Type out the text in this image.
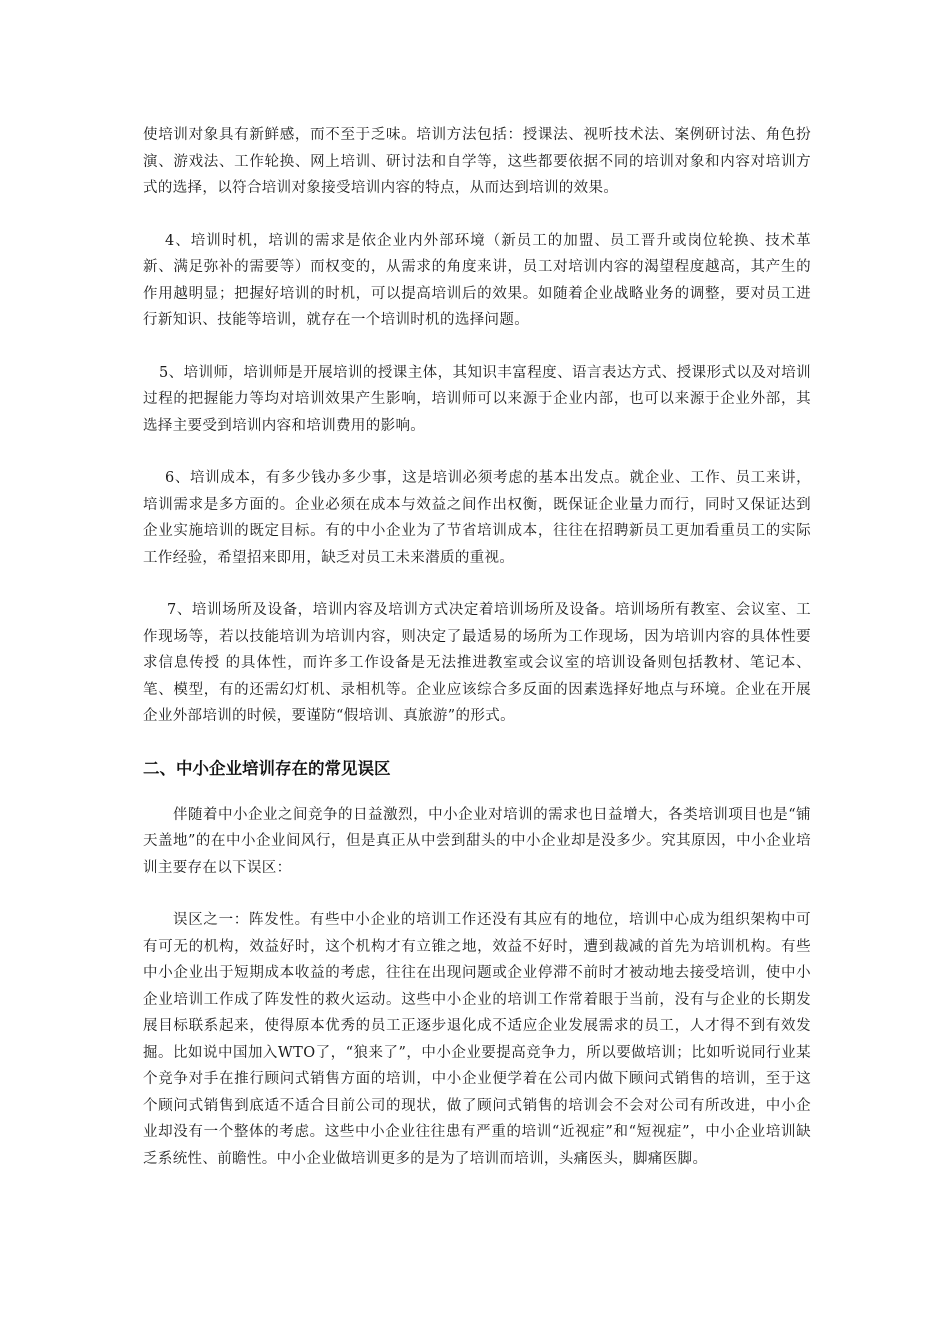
使培训对象具有新鲜感，而不至于乏味。培训方法包括：授课法、视听技术法、案例研讨法、角色扮演、游戏法、工作轮换、网上培训、研讨法和自学等，这些都要依据不同的培训对象和内容对培训方式的选择，以符合培训对象接受培训内容的特点，从而达到培训的效果。

4、培训时机，培训的需求是依企业内外部环境（新员工的加盟、员工晋升或岗位轮换、技术革新、满足弥补的需要等）而权变的，从需求的角度来讲，员工对培训内容的渴望程度越高，其产生的作用越明显；把握好培训的时机，可以提高培训后的效果。如随着企业战略业务的调整，要对员工进行新知识、技能等培训，就存在一个培训时机的选择问题。

5、培训师，培训师是开展培训的授课主体，其知识丰富程度、语言表达方式、授课形式以及对培训过程的把握能力等均对培训效果产生影响，培训师可以来源于企业内部，也可以来源于企业外部，其选择主要受到培训内容和培训费用的影响。

6、培训成本，有多少钱办多少事，这是培训必须考虑的基本出发点。就企业、工作、员工来讲，培训需求是多方面的。企业必须在成本与效益之间作出权衡，既保证企业量力而行，同时又保证达到企业实施培训的既定目标。有的中小企业为了节省培训成本，往往在招聘新员工更加看重员工的实际工作经验，希望招来即用，缺乏对员工未来潜质的重视。

7、培训场所及设备，培训内容及培训方式决定着培训场所及设备。培训场所有教室、会议室、工作现场等，若以技能培训为培训内容，则决定了最适易的场所为工作现场，因为培训内容的具体性要求信息传授 的具体性，而许多工作设备是无法推进教室或会议室的培训设备则包括教材、笔记本、笔、模型，有的还需幻灯机、录相机等。企业应该综合多反面的因素选择好地点与环境。企业在开展企业外部培训的时候，要谨防“假培训、真旅游”的形式。

二、中小企业培训存在的常见误区

伴随着中小企业之间竞争的日益激烈，中小企业对培训的需求也日益增大，各类培训项目也是“铺天盖地”的在中小企业间风行，但是真正从中尝到甜头的中小企业却是没多少。究其原因，中小企业培训主要存在以下误区：

误区之一：阵发性。有些中小企业的培训工作还没有其应有的地位，培训中心成为组织架构中可有可无的机构，效益好时，这个机构才有立锥之地，效益不好时，遭到裁减的首先为培训机构。有些中小企业出于短期成本收益的考虑，往往在出现问题或企业停滞不前时才被动地去接受培训，使中小企业培训工作成了阵发性的救火运动。这些中小企业的培训工作常着眼于当前，没有与企业的长期发展目标联系起来，使得原本优秀的员工正逐步退化成不适应企业发展需求的员工，人才得不到有效发掘。比如说中国加入WTO了，“狼来了”，中小企业要提高竞争力，所以要做培训；比如听说同行业某个竞争对手在推行顾问式销售方面的培训，中小企业便学着在公司内做下顾问式销售的培训，至于这个顾问式销售到底适不适合目前公司的现状，做了顾问式销售的培训会不会对公司有所改进，中小企业却没有一个整体的考虑。这些中小企业往往患有严重的培训“近视症”和“短视症”，中小企业培训缺乏系统性、前瞻性。中小企业做培训更多的是为了培训而培训，头痛医头，脚痛医脚。
